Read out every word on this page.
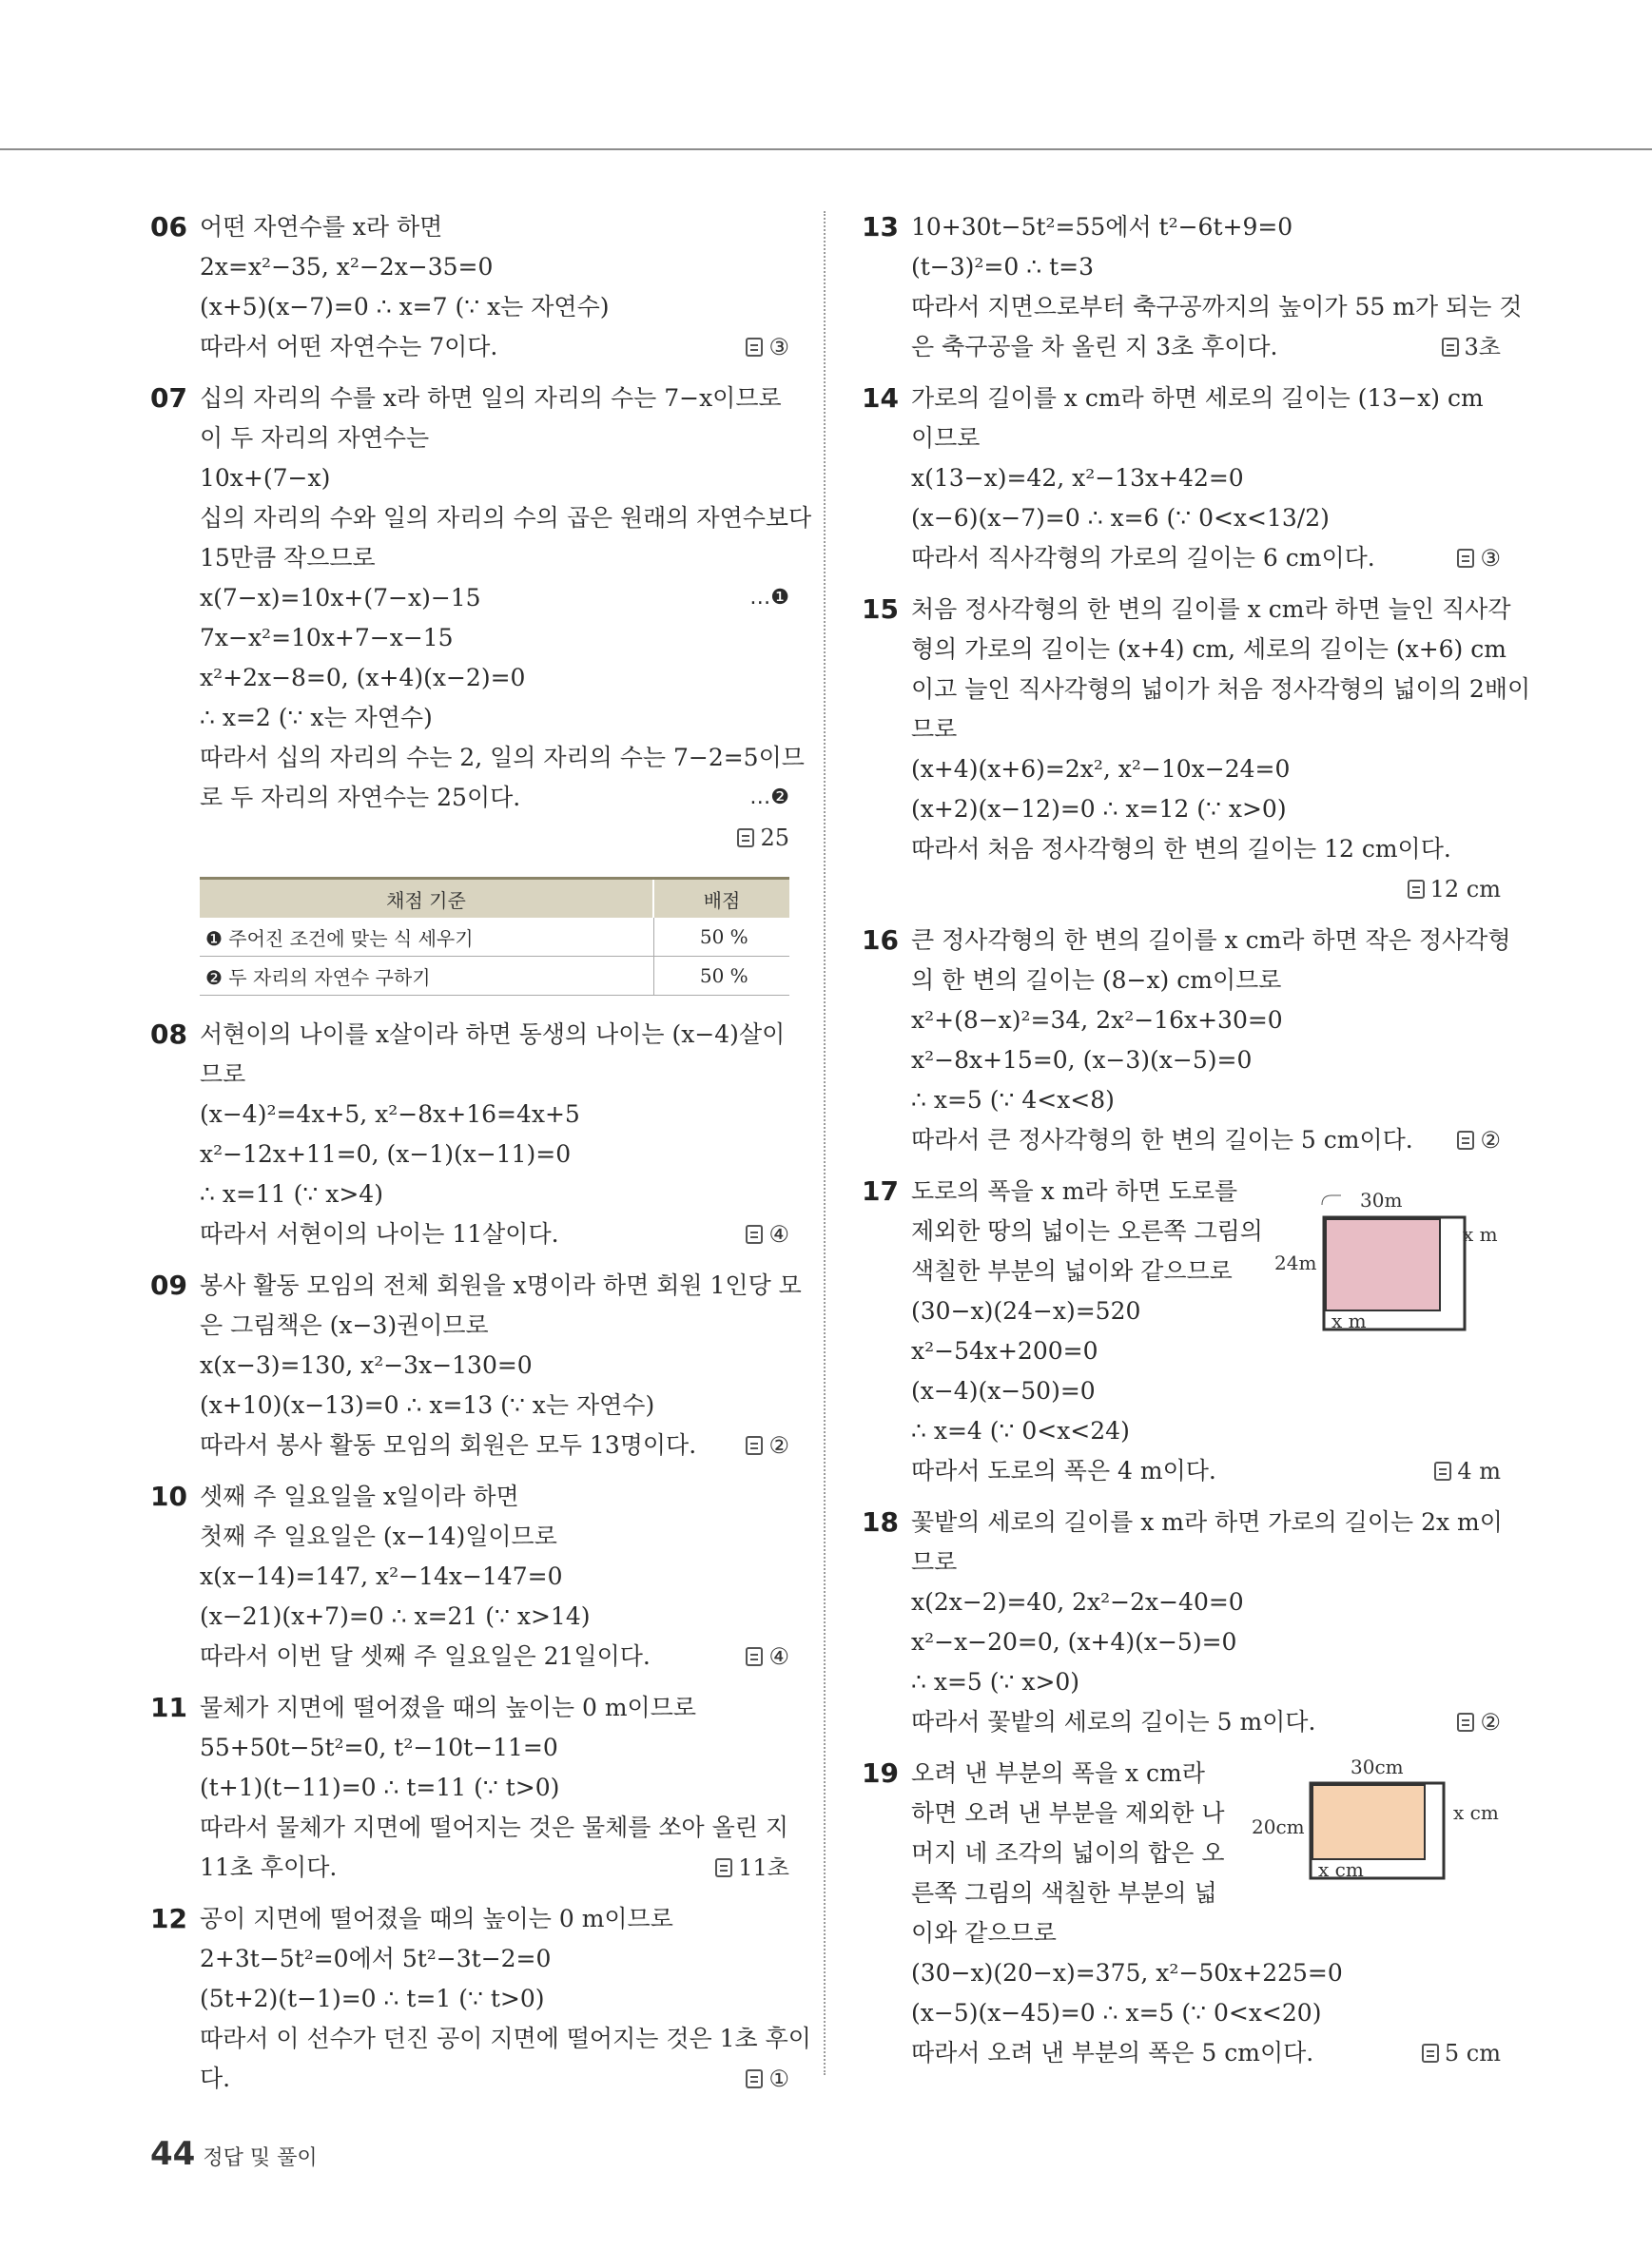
06 어떤 자연수를 x라 하면
2x=x²−35, x²−2x−35=0
(x+5)(x−7)=0 ∴ x=7 (∵ x는 자연수)
따라서 어떤 자연수는 7이다.	③
07 십의 자리의 수를 x라 하면 일의 자리의 수는 7−x이므로
이 두 자리의 자연수는
10x+(7−x)
십의 자리의 수와 일의 자리의 수의 곱은 원래의 자연수보다
15만큼 작으므로
x(7−x)=10x+(7−x)−15	…❶
7x−x²=10x+7−x−15
x²+2x−8=0, (x+4)(x−2)=0
∴ x=2 (∵ x는 자연수)
따라서 십의 자리의 수는 2, 일의 자리의 수는 7−2=5이므
로 두 자리의 자연수는 25이다.	…❷
25
채점 기준	배점
❶ 주어진 조건에 맞는 식 세우기	50 %
❷ 두 자리의 자연수 구하기	50 %
08 서현이의 나이를 x살이라 하면 동생의 나이는 (x−4)살이
므로
(x−4)²=4x+5, x²−8x+16=4x+5
x²−12x+11=0, (x−1)(x−11)=0
∴ x=11 (∵ x>4)
따라서 서현이의 나이는 11살이다.	④
09 봉사 활동 모임의 전체 회원을 x명이라 하면 회원 1인당 모
은 그림책은 (x−3)권이므로
x(x−3)=130, x²−3x−130=0
(x+10)(x−13)=0 ∴ x=13 (∵ x는 자연수)
따라서 봉사 활동 모임의 회원은 모두 13명이다.	②
10 셋째 주 일요일을 x일이라 하면
첫째 주 일요일은 (x−14)일이므로
x(x−14)=147, x²−14x−147=0
(x−21)(x+7)=0 ∴ x=21 (∵ x>14)
따라서 이번 달 셋째 주 일요일은 21일이다.	④
11 물체가 지면에 떨어졌을 때의 높이는 0 m이므로
55+50t−5t²=0, t²−10t−11=0
(t+1)(t−11)=0 ∴ t=11 (∵ t>0)
따라서 물체가 지면에 떨어지는 것은 물체를 쏘아 올린 지
11초 후이다.	11초
12 공이 지면에 떨어졌을 때의 높이는 0 m이므로
2+3t−5t²=0에서 5t²−3t−2=0
(5t+2)(t−1)=0 ∴ t=1 (∵ t>0)
따라서 이 선수가 던진 공이 지면에 떨어지는 것은 1초 후이
다.	①
13 10+30t−5t²=55에서 t²−6t+9=0
(t−3)²=0 ∴ t=3
따라서 지면으로부터 축구공까지의 높이가 55 m가 되는 것
은 축구공을 차 올린 지 3초 후이다.	3초
14 가로의 길이를 x cm라 하면 세로의 길이는 (13−x) cm
이므로
x(13−x)=42, x²−13x+42=0
(x−6)(x−7)=0 ∴ x=6 (∵ 0<x<13/2)
따라서 직사각형의 가로의 길이는 6 cm이다.	③
15 처음 정사각형의 한 변의 길이를 x cm라 하면 늘인 직사각
형의 가로의 길이는 (x+4) cm, 세로의 길이는 (x+6) cm
이고 늘인 직사각형의 넓이가 처음 정사각형의 넓이의 2배이
므로
(x+4)(x+6)=2x², x²−10x−24=0
(x+2)(x−12)=0 ∴ x=12 (∵ x>0)
따라서 처음 정사각형의 한 변의 길이는 12 cm이다.
12 cm
16 큰 정사각형의 한 변의 길이를 x cm라 하면 작은 정사각형
의 한 변의 길이는 (8−x) cm이므로
x²+(8−x)²=34, 2x²−16x+30=0
x²−8x+15=0, (x−3)(x−5)=0
∴ x=5 (∵ 4<x<8)
따라서 큰 정사각형의 한 변의 길이는 5 cm이다.	②
17 도로의 폭을 x m라 하면 도로를
제외한 땅의 넓이는 오른쪽 그림의
색칠한 부분의 넓이와 같으므로
(30−x)(24−x)=520
x²−54x+200=0
(x−4)(x−50)=0
∴ x=4 (∵ 0<x<24)
따라서 도로의 폭은 4 m이다.	4 m
18 꽃밭의 세로의 길이를 x m라 하면 가로의 길이는 2x m이
므로
x(2x−2)=40, 2x²−2x−40=0
x²−x−20=0, (x+4)(x−5)=0
∴ x=5 (∵ x>0)
따라서 꽃밭의 세로의 길이는 5 m이다.	②
19 오려 낸 부분의 폭을 x cm라
하면 오려 낸 부분을 제외한 나
머지 네 조각의 넓이의 합은 오
른쪽 그림의 색칠한 부분의 넓
이와 같으므로
(30−x)(20−x)=375, x²−50x+225=0
(x−5)(x−45)=0 ∴ x=5 (∵ 0<x<20)
따라서 오려 낸 부분의 폭은 5 cm이다.	5 cm
30m
24m
x m
x m
30cm
20cm
x cm
x cm
44 정답 및 풀이
